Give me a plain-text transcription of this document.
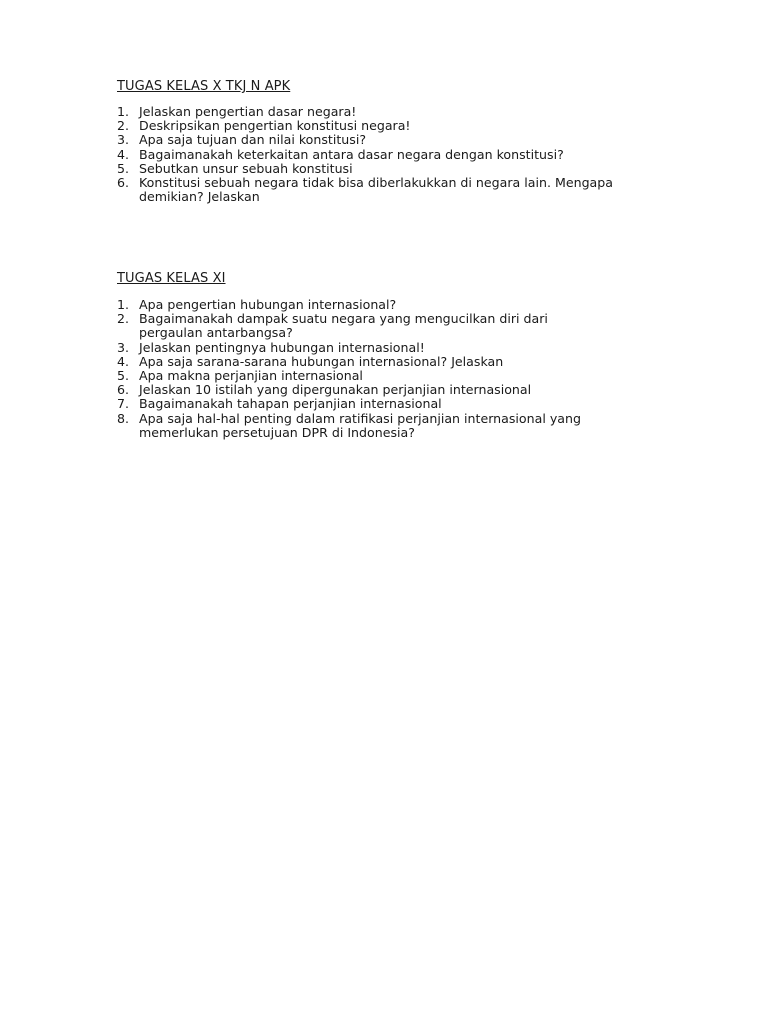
TUGAS KELAS X TKJ N APK
1. Jelaskan pengertian dasar negara!
2. Deskripsikan pengertian konstitusi negara!
3. Apa saja tujuan dan nilai konstitusi?
4. Bagaimanakah keterkaitan antara dasar negara dengan konstitusi?
5. Sebutkan unsur sebuah konstitusi
6. Konstitusi sebuah negara tidak bisa diberlakukkan di negara lain. Mengapa
demikian? Jelaskan
TUGAS KELAS XI
1. Apa pengertian hubungan internasional?
2. Bagaimanakah dampak suatu negara yang mengucilkan diri dari
pergaulan antarbangsa?
3. Jelaskan pentingnya hubungan internasional!
4. Apa saja sarana-sarana hubungan internasional? Jelaskan
5. Apa makna perjanjian internasional
6. Jelaskan 10 istilah yang dipergunakan perjanjian internasional
7. Bagaimanakah tahapan perjanjian internasional
8. Apa saja hal-hal penting dalam ratifikasi perjanjian internasional yang
memerlukan persetujuan DPR di Indonesia?
